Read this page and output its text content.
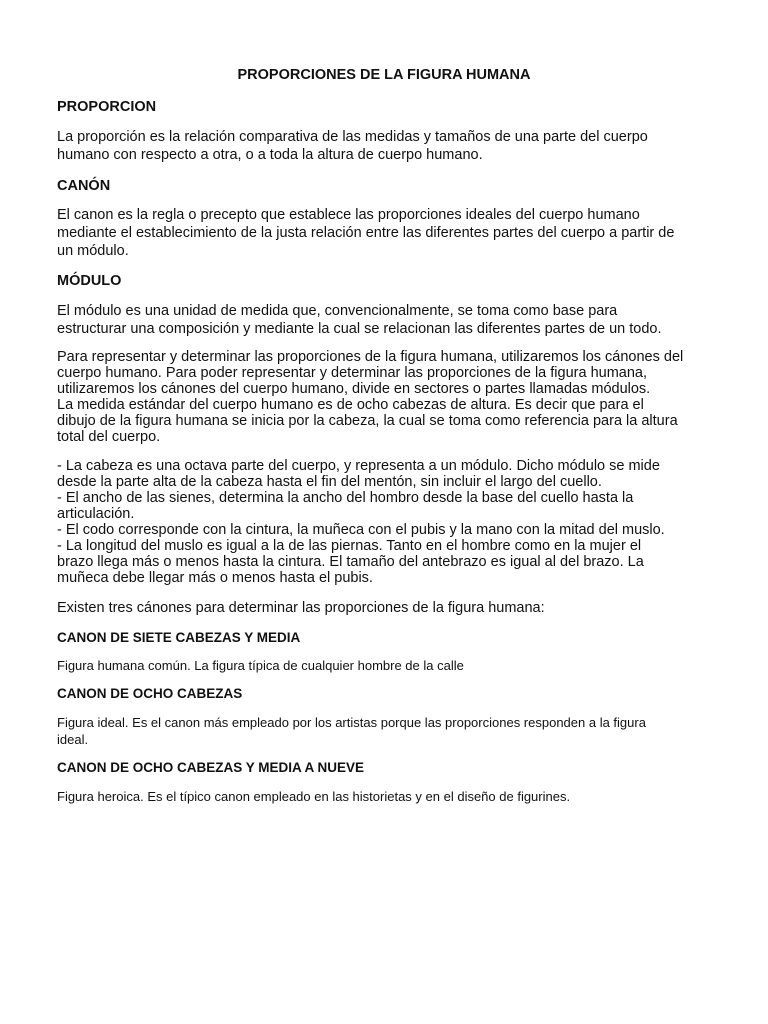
PROPORCIONES DE LA FIGURA HUMANA
PROPORCION
La proporción es la relación comparativa de las medidas y tamaños de una parte del cuerpo
humano con respecto a otra, o a toda la altura de cuerpo humano.
CANÓN
El canon es la regla o precepto que establece las proporciones ideales del cuerpo humano
mediante el establecimiento de la justa relación entre las diferentes partes del cuerpo a partir de
un módulo.
MÓDULO
El módulo es una unidad de medida que, convencionalmente, se toma como base para
estructurar una composición y mediante la cual se relacionan las diferentes partes de un todo.
Para representar y determinar las proporciones de la figura humana, utilizaremos los cánones del
cuerpo humano. Para poder representar y determinar las proporciones de la figura humana,
utilizaremos los cánones del cuerpo humano, divide en sectores o partes llamadas módulos.
La medida estándar del cuerpo humano es de ocho cabezas de altura. Es decir que para el
dibujo de la figura humana se inicia por la cabeza, la cual se toma como referencia para la altura
total del cuerpo.
- La cabeza es una octava parte del cuerpo, y representa a un módulo. Dicho módulo se mide
desde la parte alta de la cabeza hasta el fin del mentón, sin incluir el largo del cuello.
- El ancho de las sienes, determina la ancho del hombro desde la base del cuello hasta la
articulación.
- El codo corresponde con la cintura, la muñeca con el pubis y la mano con la mitad del muslo.
- La longitud del muslo es igual a la de las piernas. Tanto en el hombre como en la mujer el
brazo llega más o menos hasta la cintura. El tamaño del antebrazo es igual al del brazo. La
muñeca debe llegar más o menos hasta el pubis.
Existen tres cánones para determinar las proporciones de la figura humana:
CANON DE SIETE CABEZAS Y MEDIA
Figura humana común. La figura típica de cualquier hombre de la calle
CANON DE OCHO CABEZAS
Figura ideal. Es el canon más empleado por los artistas porque las proporciones responden a la figura
ideal.
CANON DE OCHO CABEZAS Y MEDIA A NUEVE
Figura heroica. Es el típico canon empleado en las historietas y en el diseño de figurines.
